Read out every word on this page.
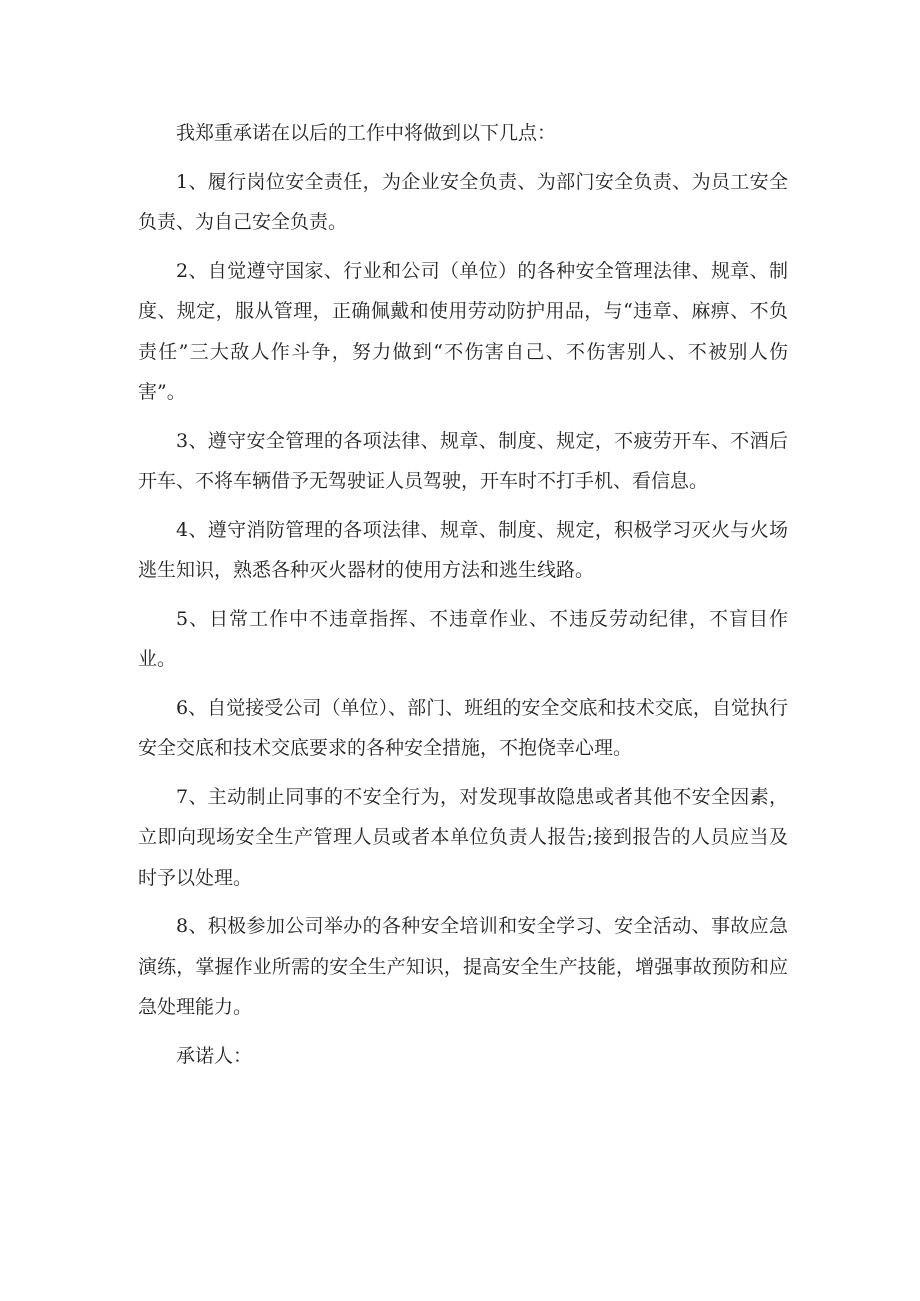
我郑重承诺在以后的工作中将做到以下几点：

1、履行岗位安全责任，为企业安全负责、为部门安全负责、为员工安全负责、为自己安全负责。

2、自觉遵守国家、行业和公司（单位）的各种安全管理法律、规章、制度、规定，服从管理，正确佩戴和使用劳动防护用品，与“违章、麻痹、不负责任”三大敌人作斗争，努力做到“不伤害自己、不伤害别人、不被别人伤害”。

3、遵守安全管理的各项法律、规章、制度、规定，不疲劳开车、不酒后开车、不将车辆借予无驾驶证人员驾驶，开车时不打手机、看信息。

4、遵守消防管理的各项法律、规章、制度、规定，积极学习灭火与火场逃生知识，熟悉各种灭火器材的使用方法和逃生线路。

5、日常工作中不违章指挥、不违章作业、不违反劳动纪律，不盲目作业。

6、自觉接受公司（单位）、部门、班组的安全交底和技术交底，自觉执行安全交底和技术交底要求的各种安全措施，不抱侥幸心理。

7、主动制止同事的不安全行为，对发现事故隐患或者其他不安全因素，立即向现场安全生产管理人员或者本单位负责人报告;接到报告的人员应当及时予以处理。

8、积极参加公司举办的各种安全培训和安全学习、安全活动、事故应急演练，掌握作业所需的安全生产知识，提高安全生产技能，增强事故预防和应急处理能力。

承诺人：
